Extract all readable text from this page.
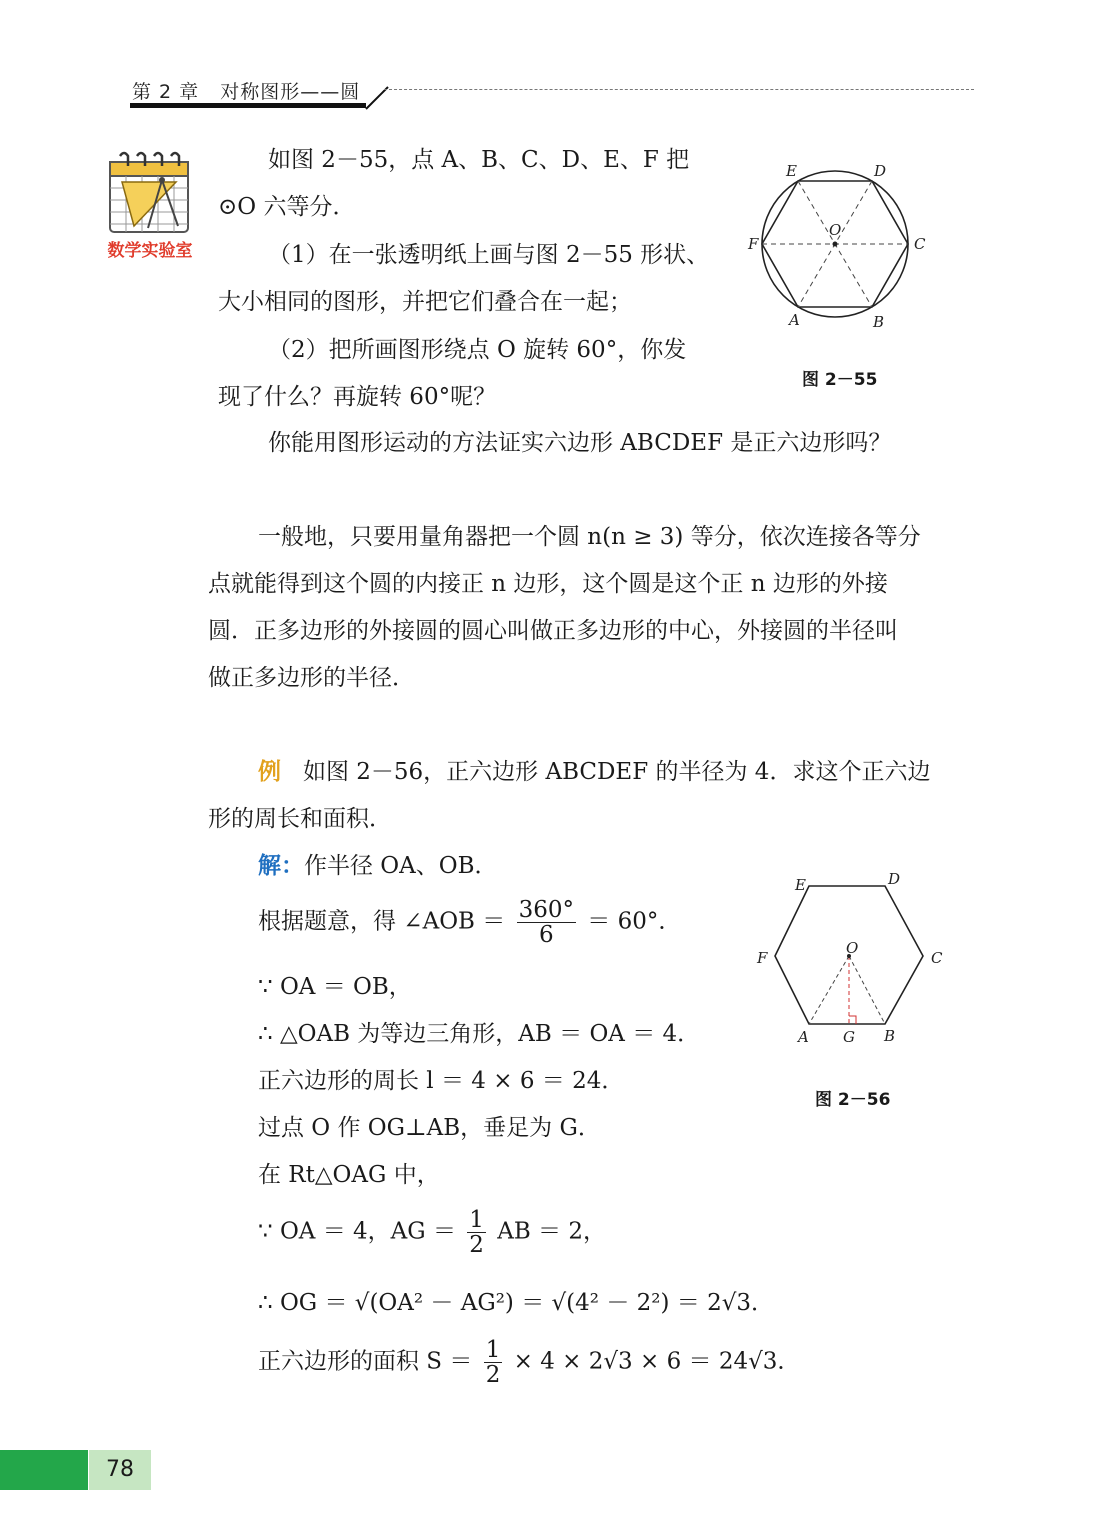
第 2 章 对称图形——圆
数学实验室
如图 2－55，点 A、B、C、D、E、F 把
⊙O 六等分．
（1）在一张透明纸上画与图 2－55 形状、
大小相同的图形，并把它们叠合在一起；
（2）把所画图形绕点 O 旋转 60°，你发
现了什么？再旋转 60°呢？
你能用图形运动的方法证实六边形 ABCDEF 是正六边形吗？
E	D
O
F	C
A	B
图 2－55
一般地，只要用量角器把一个圆 n(n ≥ 3) 等分，依次连接各等分
点就能得到这个圆的内接正 n 边形，这个圆是这个正 n 边形的外接
圆．正多边形的外接圆的圆心叫做正多边形的中心，外接圆的半径叫
做正多边形的半径．
例 如图 2－56，正六边形 ABCDEF 的半径为 4．求这个正六边
形的周长和面积．
解：作半径 OA、OB．
根据题意，得 ∠AOB ＝ $\frac{360^\circ}{6} = 60^\circ$．
∵ OA ＝ OB，
∴ △OAB 为等边三角形，AB ＝ OA ＝ 4．
正六边形的周长 l ＝ 4 × 6 ＝ 24．
过点 O 作 OG⊥AB，垂足为 G．
在 Rt△OAG 中，
∵ OA ＝ 4，AG ＝ $\frac{1}{2}$ AB ＝ 2，
∴ OG ＝ √(OA² － AG²) ＝ √(4² － 2²) ＝ 2√3．
正六边形的面积 $S = \frac{1}{2} \times 4 \times 2√3 \times 6 = 24√3$．
E	D
O
F	C
A G B
图 2－56
78
